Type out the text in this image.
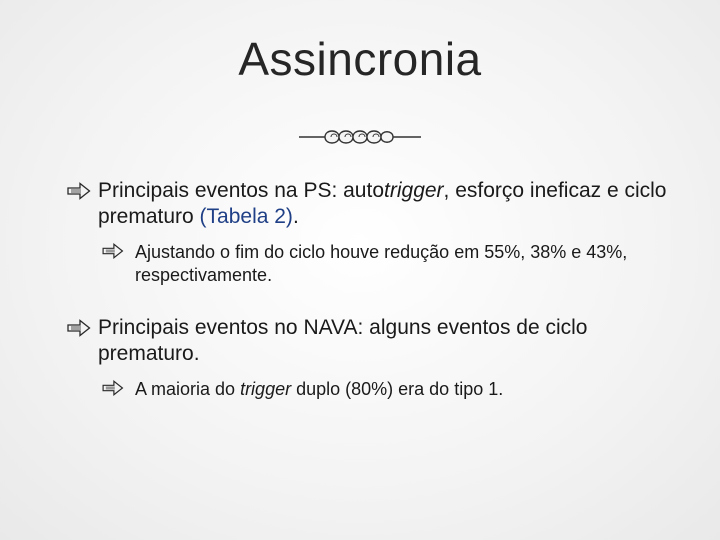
Assincronia
Principais eventos na PS: autotrigger, esforço ineficaz e ciclo prematuro (Tabela 2).
Ajustando o fim do ciclo houve redução em 55%, 38% e 43%, respectivamente.
Principais eventos no NAVA: alguns eventos de ciclo prematuro.
A maioria do trigger duplo (80%) era do tipo 1.
